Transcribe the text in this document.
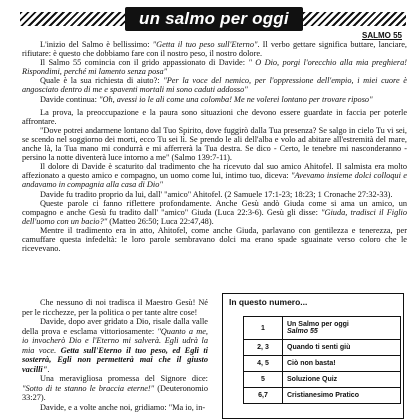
un salmo per oggi
SALMO 55

L'inizio del Salmo è bellissimo: "Getta il tuo peso sull'Eterno". Il verbo gettare significa buttare, lanciare, rifiutare: è questo che dobbiamo fare con il nostro peso, il nostro dolore.

Il Salmo 55 comincia con il grido appassionato di Davide: " O Dio, porgi l'orecchio alla mia preghiera! Rispondimi, perché mi lamento senza posa"

Quale è la sua richiesta di aiuto?: "Per la voce del nemico, per l'oppressione dell'empio, i miei cuore è angosciato dentro di me e spaventi mortali mi sono caduti addosso"

Davide continua: "Oh, avessi io le ali come una colomba! Me ne volerei lontano per trovare riposo"

La prova, la preoccupazione e la paura sono situazioni che devono essere guardate in faccia per poterle affrontare.

"Dove potrei andarmene lontano dal Tuo Spirito, dove fuggirò dalla Tua presenza? Se salgo in cielo Tu vi sei, se scendo nel soggiorno dei morti, ecco Tu sei lì. Se prendo le ali dell'alba e volo ad abitare all'estremità del mare, anche là, la Tua mano mi condurrà e mi afferrerà la Tua destra. Se dico - Certo, le tenebre mi nasconderanno - persino la notte diventerà luce intorno a me" (Salmo 139:7-11).

Il dolore di Davide è scaturito dal tradimento che ha ricevuto dal suo amico Ahitofel. Il salmista era molto affezionato a questo amico e compagno, un uomo come lui, intimo tuo, diceva: "Avevamo insieme dolci colloqui e andavamo in compagnia alla casa di Dio"

Davide fu tradito proprio da lui, dall' "amico" Ahitofel. (2 Samuele 17:1-23; 18:23; 1 Cronache 27:32-33).

Queste parole ci fanno riflettere profondamente. Anche Gesù andò Giuda come si ama un amico, un compagno e anche Gesù fu tradito dall' "amico" Giuda (Luca 22:3-6). Gesù gli disse: "Giuda, tradisci il Figlio dell'uomo con un bacio?" (Matteo 26:50; Luca 22:47,48).

Mentre il tradimento era in atto, Ahitofel, come anche Giuda, parlavano con gentilezza e tenerezza, per camuffare questa infedeltà: le loro parole sembravano dolci ma erano spade sguainate verso coloro che le ricevevano.

Che nessuno di noi tradisca il Maestro Gesù! Né per le ricchezze, per la politica o per tante altre cose!

Davide, dopo aver gridato a Dio, risale dalla valle della prova e esclama vittoriosamente: "Quanto a me, io invocherò Dio e l'Eterno mi salverà. Egli udrà la mia voce. Getta sull'Eterno il tuo peso, ed Egli ti sosterrà, Egli non permetterà mai che il giusto vacilli".

Una meravigliosa promessa del Signore dice: "Sotto di te stanno le braccia eterne!" (Deuteronomio 33:27).

Davide, e a volte anche noi, gridiamo: "Ma io, in-

In questo numero...
1	Un Salmo per oggi
Salmo 55

2, 3	Quando ti senti giù
4, 5	Ciò non basta!
5	Soluzione Quiz
6,7	Cristianesimo Pratico
